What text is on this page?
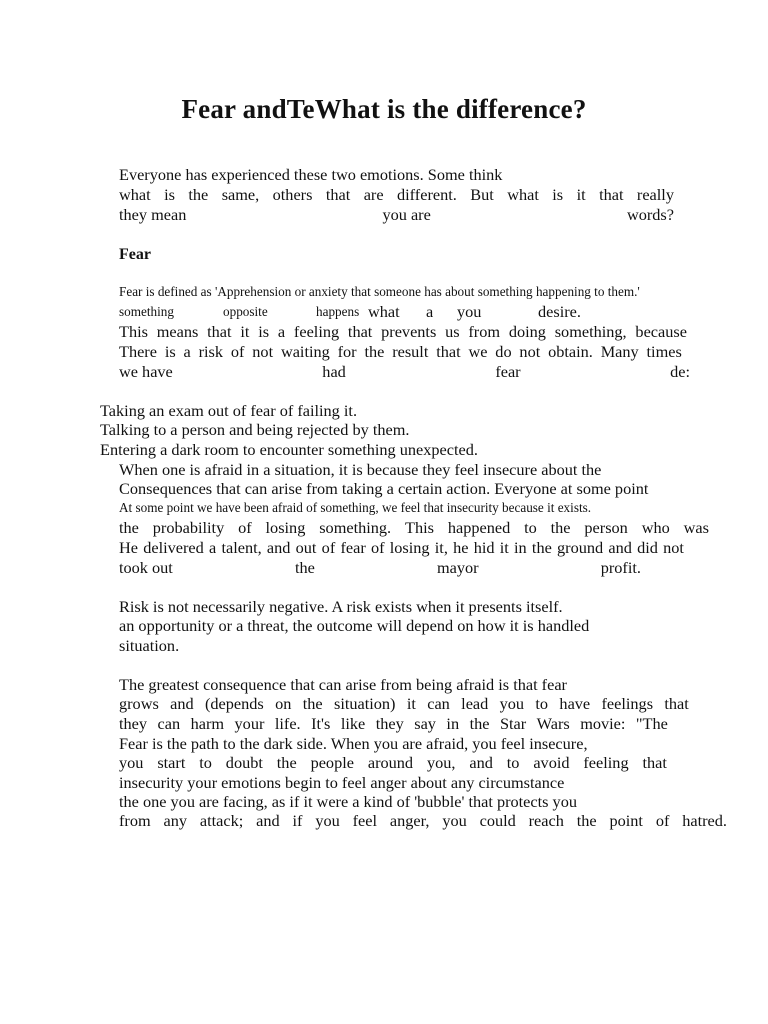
Fear andTeWhat is the difference?
Everyone has experienced these two emotions. Some think
what is the same, others that are different. But what is it that really
they mean	you are	words?
Fear
Fear is defined as 'Apprehension or anxiety that someone has about something happening to them.'
something	opposite	happens what a you	desire.
This means that it is a feeling that prevents us from doing something, because
There is a risk of not waiting for the result that we do not obtain. Many times
we have	had	fear	de:
Taking an exam out of fear of failing it.
Talking to a person and being rejected by them.
Entering a dark room to encounter something unexpected.
When one is afraid in a situation, it is because they feel insecure about the
Consequences that can arise from taking a certain action. Everyone at some point
At some point we have been afraid of something, we feel that insecurity because it exists.
the probability of losing something. This happened to the person who was
He delivered a talent, and out of fear of losing it, he hid it in the ground and did not
took out	the	mayor	profit.
Risk is not necessarily negative. A risk exists when it presents itself.
an opportunity or a threat, the outcome will depend on how it is handled
situation.
The greatest consequence that can arise from being afraid is that fear
grows and (depends on the situation) it can lead you to have feelings that
they can harm your life. It's like they say in the Star Wars movie: "The
Fear is the path to the dark side. When you are afraid, you feel insecure,
you start to doubt the people around you, and to avoid feeling that
insecurity your emotions begin to feel anger about any circumstance
the one you are facing, as if it were a kind of 'bubble' that protects you
from any attack; and if you feel anger, you could reach the point of hatred.
